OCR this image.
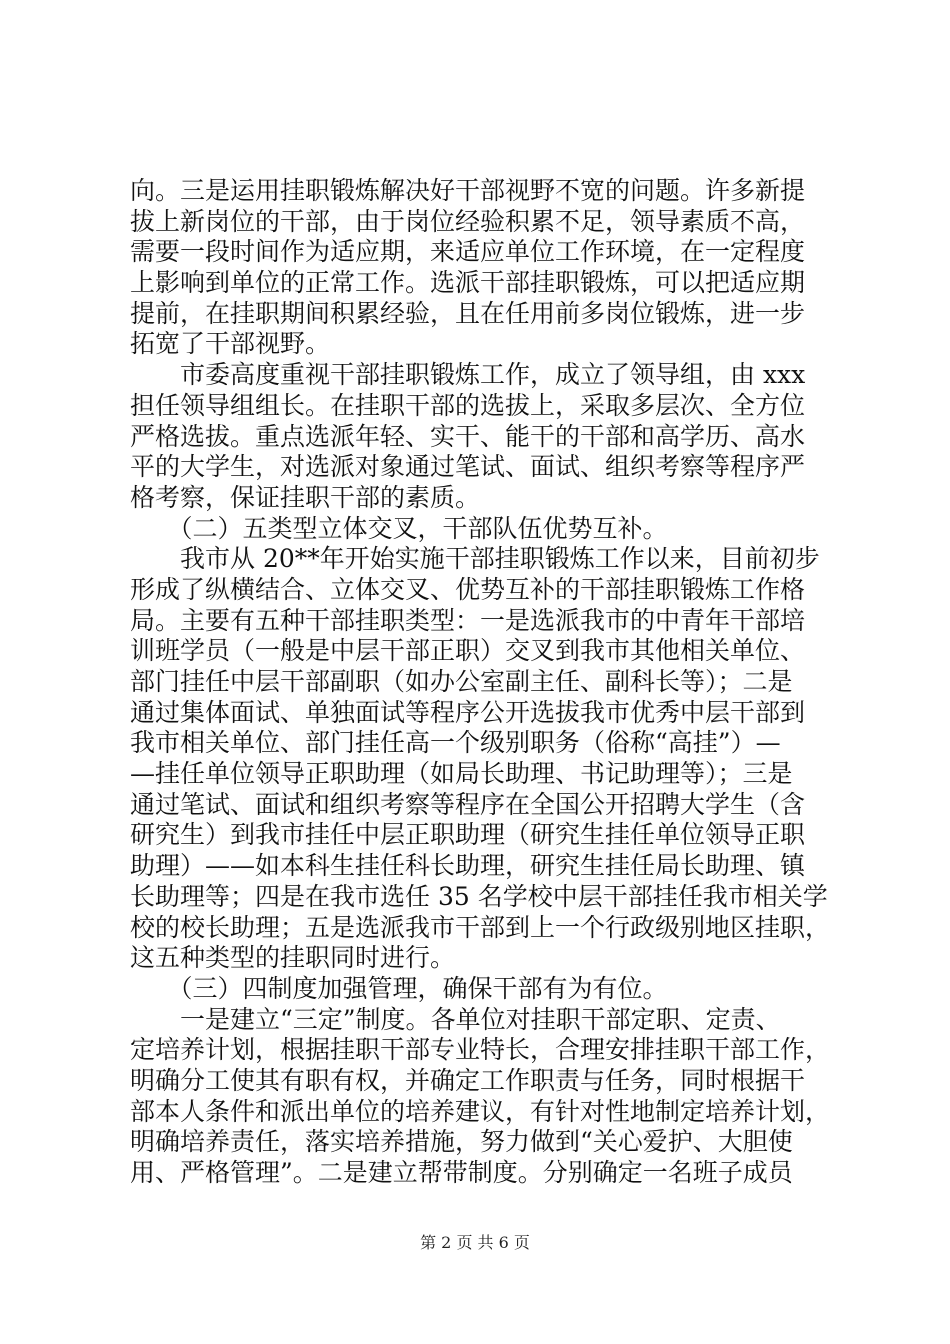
向。三是运用挂职锻炼解决好干部视野不宽的问题。许多新提
拔上新岗位的干部，由于岗位经验积累不足，领导素质不高，
需要一段时间作为适应期，来适应单位工作环境，在一定程度
上影响到单位的正常工作。选派干部挂职锻炼，可以把适应期
提前，在挂职期间积累经验，且在任用前多岗位锻炼，进一步
拓宽了干部视野。
　　市委高度重视干部挂职锻炼工作，成立了领导组，由 xxx
担任领导组组长。在挂职干部的选拔上，采取多层次、全方位
严格选拔。重点选派年轻、实干、能干的干部和高学历、高水
平的大学生，对选派对象通过笔试、面试、组织考察等程序严
格考察，保证挂职干部的素质。
　　（二）五类型立体交叉，干部队伍优势互补。
　　我市从 20**年开始实施干部挂职锻炼工作以来，目前初步
形成了纵横结合、立体交叉、优势互补的干部挂职锻炼工作格
局。主要有五种干部挂职类型：一是选派我市的中青年干部培
训班学员（一般是中层干部正职）交叉到我市其他相关单位、
部门挂任中层干部副职（如办公室副主任、副科长等）；二是
通过集体面试、单独面试等程序公开选拔我市优秀中层干部到
我市相关单位、部门挂任高一个级别职务（俗称“高挂”）—
—挂任单位领导正职助理（如局长助理、书记助理等）；三是
通过笔试、面试和组织考察等程序在全国公开招聘大学生（含
研究生）到我市挂任中层正职助理（研究生挂任单位领导正职
助理）——如本科生挂任科长助理，研究生挂任局长助理、镇
长助理等；四是在我市选任 35 名学校中层干部挂任我市相关学
校的校长助理；五是选派我市干部到上一个行政级别地区挂职，
这五种类型的挂职同时进行。
　　（三）四制度加强管理，确保干部有为有位。
　　一是建立“三定”制度。各单位对挂职干部定职、定责、
定培养计划，根据挂职干部专业特长，合理安排挂职干部工作，
明确分工使其有职有权，并确定工作职责与任务，同时根据干
部本人条件和派出单位的培养建议，有针对性地制定培养计划，
明确培养责任，落实培养措施，努力做到“关心爱护、大胆使
用、严格管理”。二是建立帮带制度。分别确定一名班子成员
第 2 页 共 6 页
